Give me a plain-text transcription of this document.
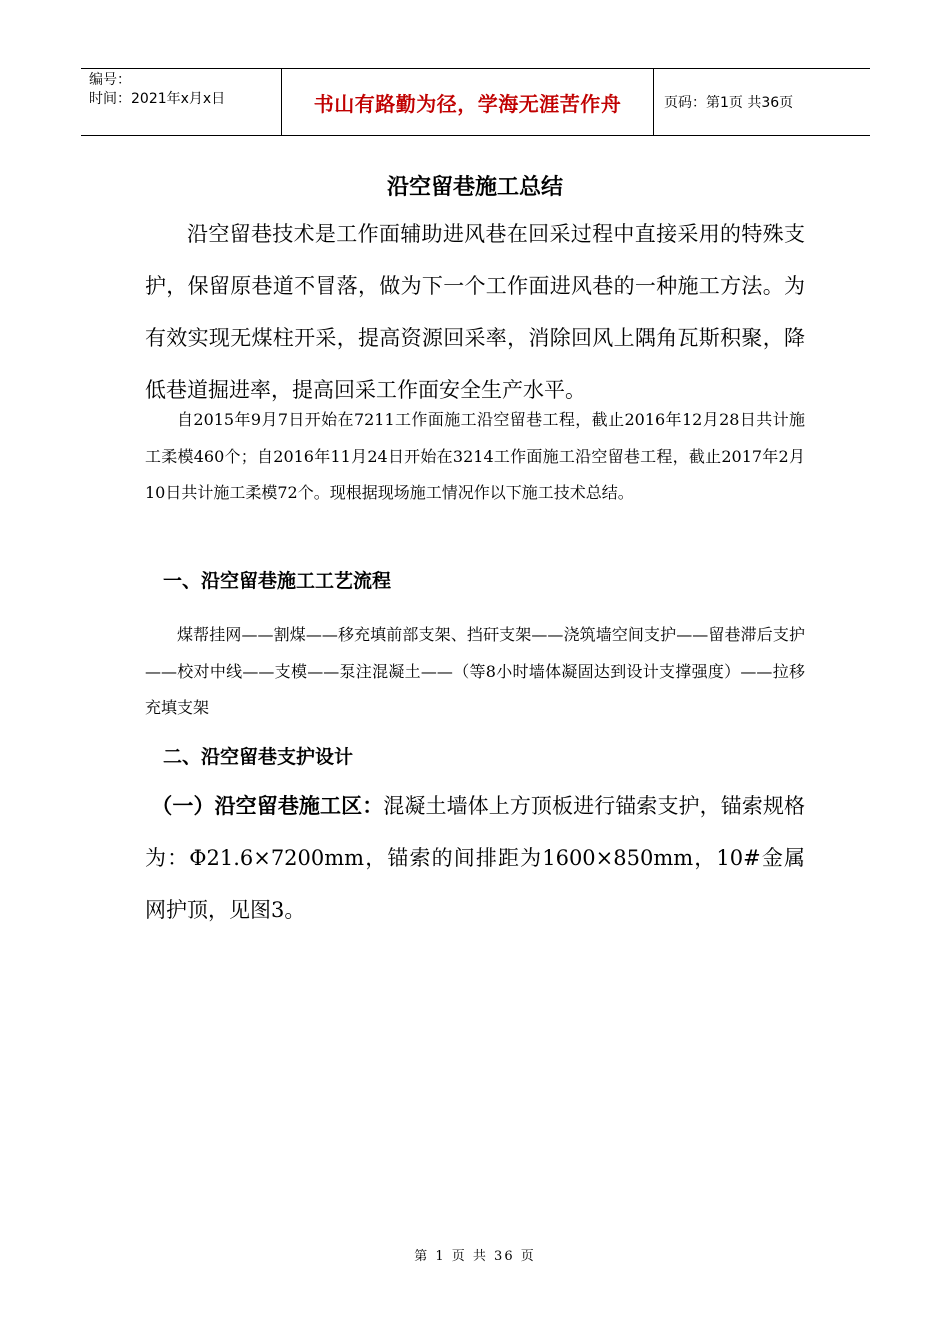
编号：
时间：2021年x月x日	书山有路勤为径，学海无涯苦作舟	页码：第1页 共36页
沿空留巷施工总结
沿空留巷技术是工作面辅助进风巷在回采过程中直接采用的特殊支护，保留原巷道不冒落，做为下一个工作面进风巷的一种施工方法。为有效实现无煤柱开采，提高资源回采率，消除回风上隅角瓦斯积聚，降低巷道掘进率，提高回采工作面安全生产水平。
自2015年9月7日开始在7211工作面施工沿空留巷工程，截止2016年12月28日共计施工柔模460个；自2016年11月24日开始在3214工作面施工沿空留巷工程，截止2017年2月10日共计施工柔模72个。现根据现场施工情况作以下施工技术总结。
一、沿空留巷施工工艺流程
煤帮挂网——割煤——移充填前部支架、挡矸支架——浇筑墙空间支护——留巷滞后支护——校对中线——支模——泵注混凝土——（等8小时墙体凝固达到设计支撑强度）——拉移充填支架
二、沿空留巷支护设计
（一）沿空留巷施工区：混凝土墙体上方顶板进行锚索支护，锚索规格为：Φ21.6×7200mm，锚索的间排距为1600×850mm，10#金属网护顶，见图3。
第 1 页 共 36 页
